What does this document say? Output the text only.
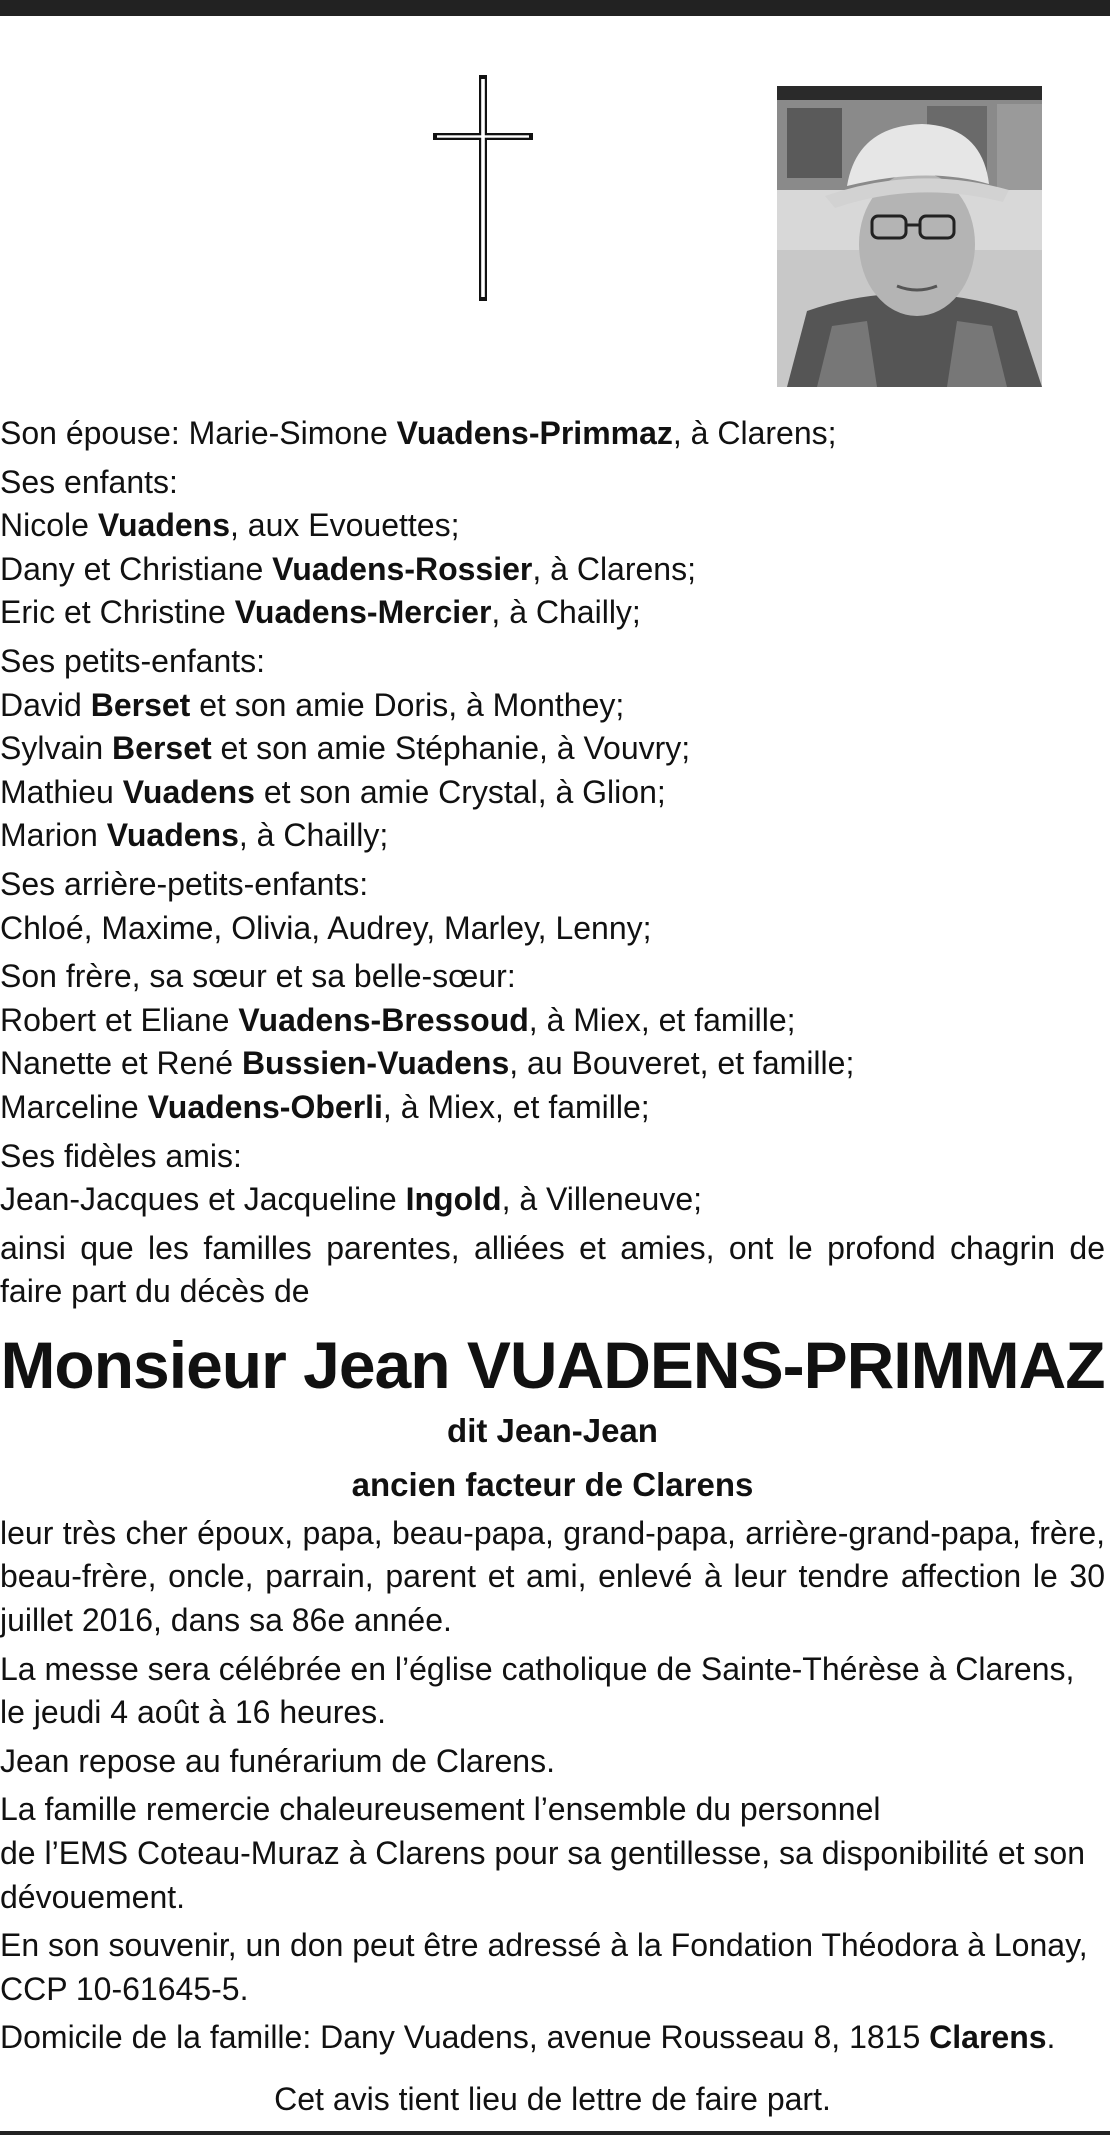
Son épouse: Marie-Simone Vuadens-Primmaz, à Clarens;

Ses enfants:

Nicole Vuadens, aux Evouettes;

Dany et Christiane Vuadens-Rossier, à Clarens;

Eric et Christine Vuadens-Mercier, à Chailly;

Ses petits-enfants:

David Berset et son amie Doris, à Monthey;

Sylvain Berset et son amie Stéphanie, à Vouvry;

Mathieu Vuadens et son amie Crystal, à Glion;

Marion Vuadens, à Chailly;

Ses arrière-petits-enfants:

Chloé, Maxime, Olivia, Audrey, Marley, Lenny;

Son frère, sa sœur et sa belle-sœur:

Robert et Eliane Vuadens-Bressoud, à Miex, et famille;

Nanette et René Bussien-Vuadens, au Bouveret, et famille;

Marceline Vuadens-Oberli, à Miex, et famille;

Ses fidèles amis:

Jean-Jacques et Jacqueline Ingold, à Villeneuve;

ainsi que les familles parentes, alliées et amies, ont le profond chagrin de faire part du décès de

Monsieur Jean VUADENS-PRIMMAZ

dit Jean-Jean

ancien facteur de Clarens

leur très cher époux, papa, beau-papa, grand-papa, arrière-grand-papa, frère, beau-frère, oncle, parrain, parent et ami, enlevé à leur tendre affection le 30 juillet 2016, dans sa 86e année.

La messe sera célébrée en l’église catholique de Sainte-Thérèse à Clarens, le jeudi 4 août à 16 heures.

Jean repose au funérarium de Clarens.

La famille remercie chaleureusement l’ensemble du personnel

de l’EMS Coteau-Muraz à Clarens pour sa gentillesse, sa disponibilité et son dévouement.

En son souvenir, un don peut être adressé à la Fondation Théodora à Lonay, CCP 10-61645-5.

Domicile de la famille: Dany Vuadens, avenue Rousseau 8, 1815 Clarens.

Cet avis tient lieu de lettre de faire part.
